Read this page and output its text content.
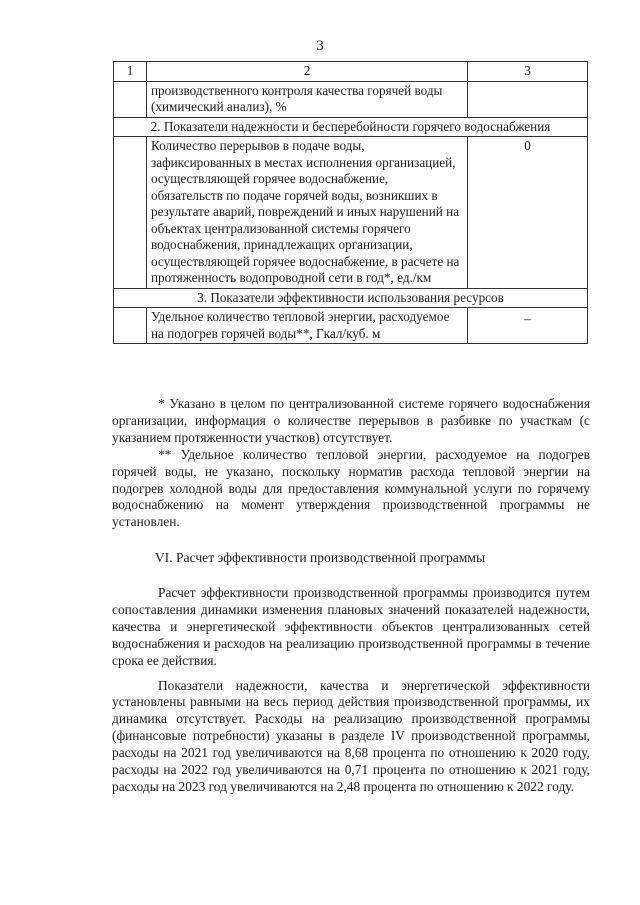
3
1	2	3
	производственного контроля качества горячей воды (химический анализ), %	
2. Показатели надежности и бесперебойности горячего водоснабжения		
	Количество перерывов в подаче воды, зафиксированных в местах исполнения организацией, осуществляющей горячее водоснабжение, обязательств по подаче горячей воды, возникших в результате аварий, повреждений и иных нарушений на объектах централизованной системы горячего водоснабжения, принадлежащих организации, осуществляющей горячее водоснабжение, в расчете на протяженность водопроводной сети в год*, ед./км	0
3. Показатели эффективности использования ресурсов		
	Удельное количество тепловой энергии, расходуемое на подогрев горячей воды**, Гкал/куб. м	–

* Указано в целом по централизованной системе горячего водоснабжения организации, информация о количестве перерывов в разбивке по участкам (с указанием протяженности участков) отсутствует.

** Удельное количество тепловой энергии, расходуемое на подогрев горячей воды, не указано, поскольку норматив расхода тепловой энергии на подогрев холодной воды для предоставления коммунальной услуги по горячему водоснабжению на момент утверждения производственной программы не установлен.

VI. Расчет эффективности производственной программы

Расчет эффективности производственной программы производится путем сопоставления динамики изменения плановых значений показателей надежности, качества и энергетической эффективности объектов централизованных сетей водоснабжения и расходов на реализацию производственной программы в течение срока ее действия.

Показатели надежности, качества и энергетической эффективности установлены равными на весь период действия производственной программы, их динамика отсутствует. Расходы на реализацию производственной программы (финансовые потребности) указаны в разделе IV производственной программы, расходы на 2021 год увеличиваются на 8,68 процента по отношению к 2020 году, расходы на 2022 год увеличиваются на 0,71 процента по отношению к 2021 году, расходы на 2023 год увеличиваются на 2,48 процента по отношению к 2022 году.
